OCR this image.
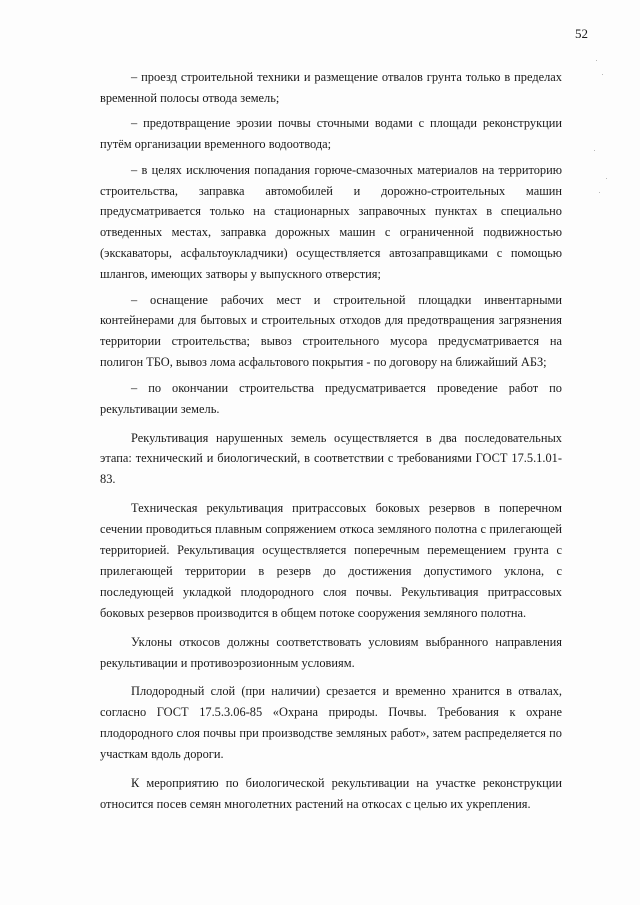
52

– проезд строительной техники и размещение отвалов грунта только в пределах временной полосы отвода земель;

– предотвращение эрозии почвы сточными водами с площади реконструкции путём организации временного водоотвода;

– в целях исключения попадания горюче-смазочных материалов на территорию строительства, заправка автомобилей и дорожно-строительных машин предусматривается только на стационарных заправочных пунктах в специально отведенных местах, заправка дорожных машин с ограниченной подвижностью (экскаваторы, асфальтоукладчики) осуществляется автозаправщиками с помощью шлангов, имеющих затворы у выпускного отверстия;

– оснащение рабочих мест и строительной площадки инвентарными контейнерами для бытовых и строительных отходов для предотвращения загрязнения территории строительства; вывоз строительного мусора предусматривается на полигон ТБО, вывоз лома асфальтового покрытия - по договору на ближайший АБЗ;

– по окончании строительства предусматривается проведение работ по рекультивации земель.

Рекультивация нарушенных земель осуществляется в два последовательных этапа: технический и биологический, в соответствии с требованиями ГОСТ 17.5.1.01-83.

Техническая рекультивация притрассовых боковых резервов в поперечном сечении проводиться плавным сопряжением откоса земляного полотна с прилегающей территорией. Рекультивация осуществляется поперечным перемещением грунта с прилегающей территории в резерв до достижения допустимого уклона, с последующей укладкой плодородного слоя почвы. Рекультивация притрассовых боковых резервов производится в общем потоке сооружения земляного полотна.

Уклоны откосов должны соответствовать условиям выбранного направления рекультивации и противоэрозионным условиям.

Плодородный слой (при наличии) срезается и временно хранится в отвалах, согласно ГОСТ 17.5.3.06-85 «Охрана природы. Почвы. Требования к охране плодородного слоя почвы при производстве земляных работ», затем распределяется по участкам вдоль дороги.

К мероприятию по биологической рекультивации на участке реконструкции относится посев семян многолетних растений на откосах с целью их укрепления.
